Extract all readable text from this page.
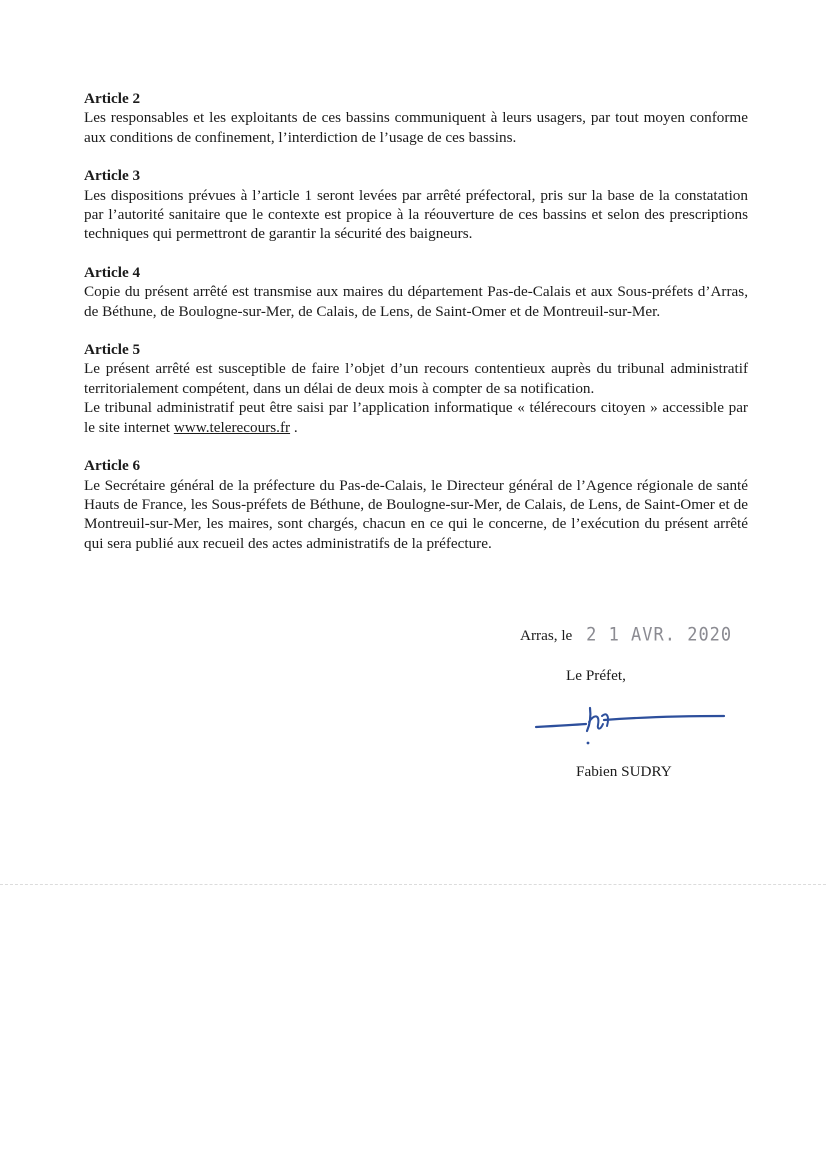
Article 2

Les responsables et les exploitants de ces bassins communiquent à leurs usagers, par tout moyen conforme aux conditions de confinement, l’interdiction de l’usage de ces bassins.

Article 3

Les dispositions prévues à l’article 1 seront levées par arrêté préfectoral, pris sur la base de la constatation par l’autorité sanitaire que le contexte est propice à la réouverture de ces bassins et selon des prescriptions techniques qui permettront de garantir la sécurité des baigneurs.

Article 4

Copie du présent arrêté est transmise aux maires du département Pas-de-Calais et aux Sous-préfets d’Arras, de Béthune, de Boulogne-sur-Mer, de Calais, de Lens, de Saint-Omer et de Montreuil-sur-Mer.

Article 5

Le présent arrêté est susceptible de faire l’objet d’un recours contentieux auprès du tribunal administratif territorialement compétent, dans un délai de deux mois à compter de sa notification.

Le tribunal administratif peut être saisi par l’application informatique « télérecours citoyen » accessible par le site internet www.telerecours.fr .

Article 6

Le Secrétaire général de la préfecture du Pas-de-Calais, le Directeur général de l’Agence régionale de santé Hauts de France, les Sous-préfets de Béthune, de Boulogne-sur-Mer, de Calais, de Lens, de Saint-Omer et de Montreuil-sur-Mer, les maires, sont chargés, chacun en ce qui le concerne, de l’exécution du présent arrêté qui sera publié aux recueil des actes administratifs de la préfecture.

Arras, le 2 1 AVR. 2020
Le Préfet,
Fabien SUDRY
